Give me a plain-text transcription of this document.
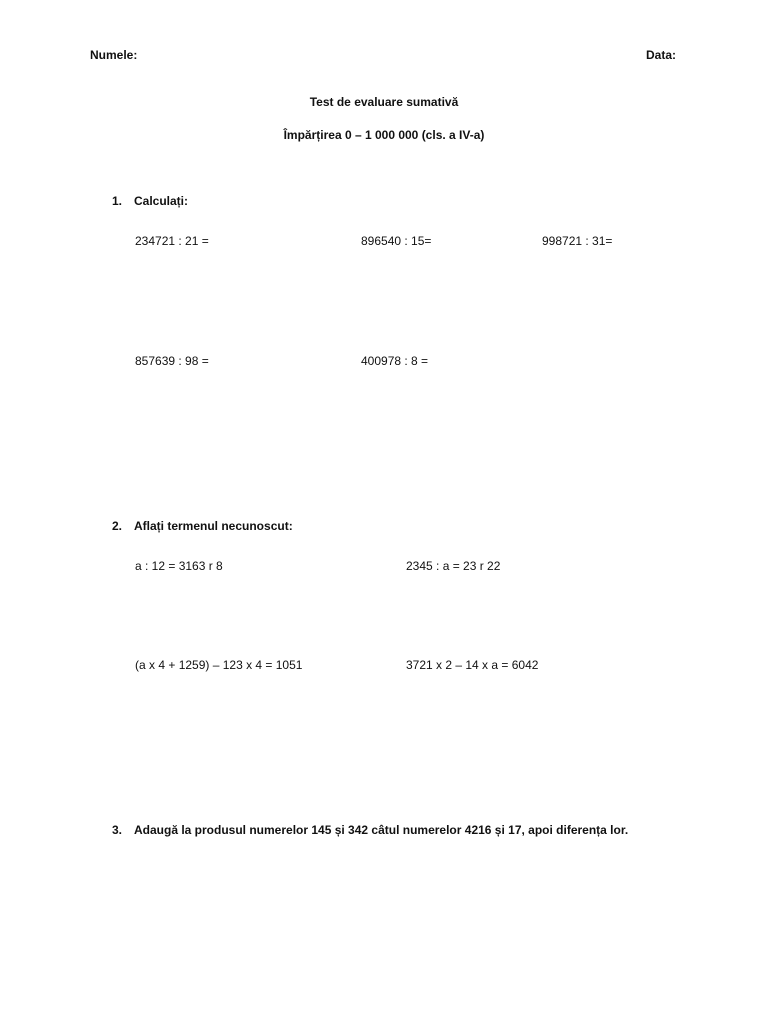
Numele:	Data:
Test de evaluare sumativă
Împărțirea 0 – 1 000 000 (cls. a IV-a)
1. Calculați:
234721 : 21 =	896540 : 15=	998721 : 31=
857639 : 98 =	400978 : 8 =
2. Aflați termenul necunoscut:
a : 12 = 3163 r 8	2345 : a = 23 r 22
(a x 4 + 1259) – 123 x 4 = 1051	3721 x 2 – 14 x a = 6042
3. Adaugă la produsul numerelor 145 și 342 câtul numerelor 4216 și 17, apoi diferența lor.
